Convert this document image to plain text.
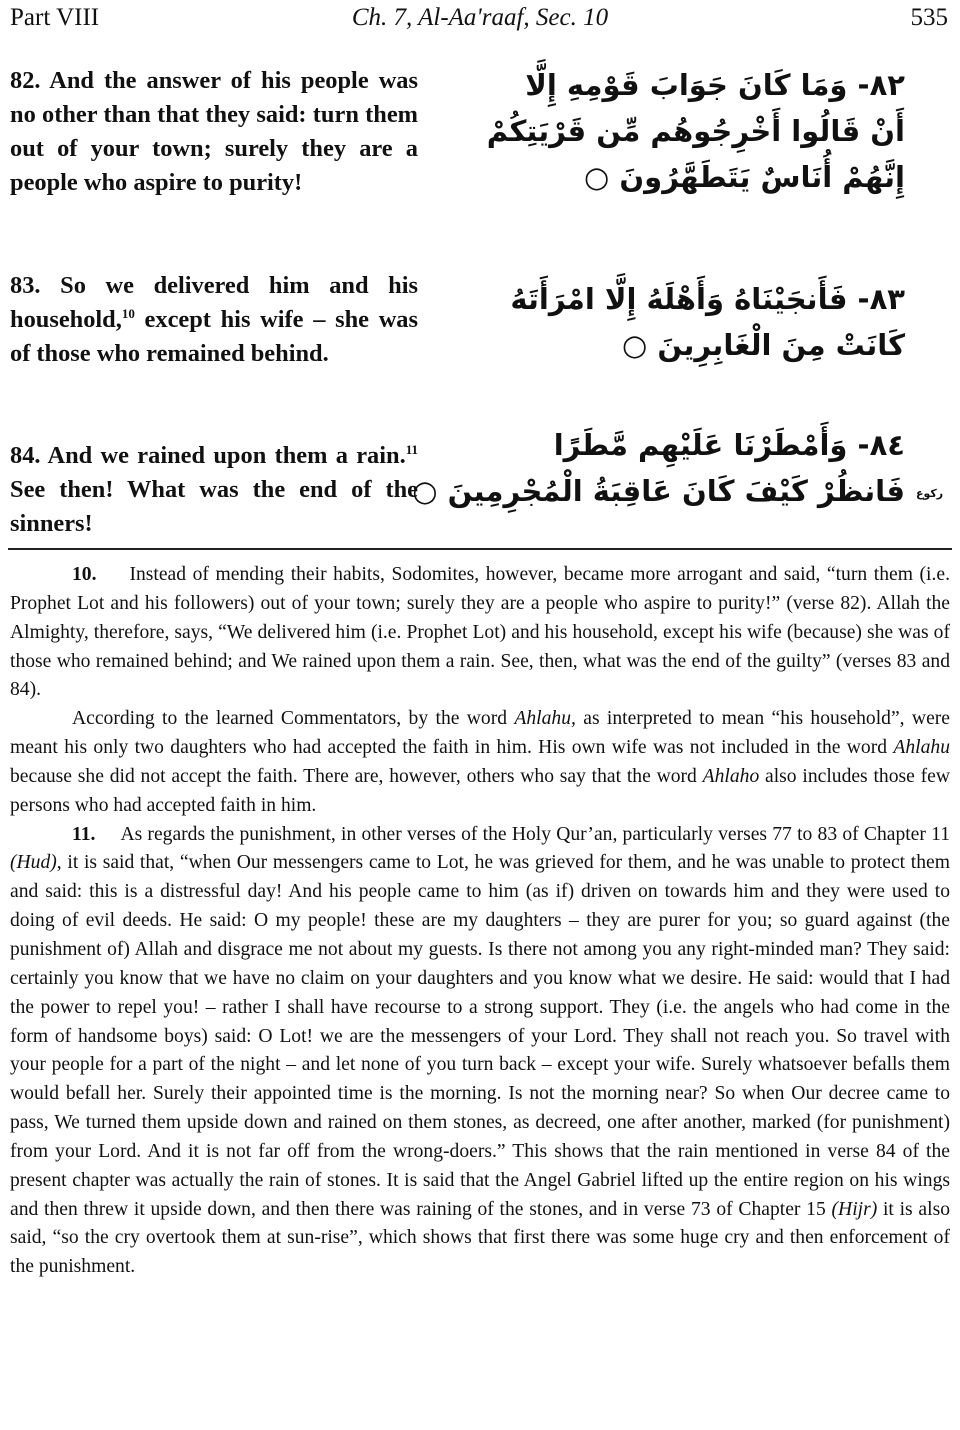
Part VIII	Ch. 7, Al-Aa'raaf, Sec. 10	535
82. And the answer of his people was no other than that they said: turn them out of your town; surely they are a people who aspire to purity!
٨٢- وَمَا كَانَ جَوَابَ قَوْمِهِ إِلَّا
أَنْ قَالُوا أَخْرِجُوهُم مِّن قَرْيَتِكُمْ
إِنَّهُمْ أُنَاسٌ يَتَطَهَّرُونَ ○
83. So we delivered him and his household,$^{10}$ except his wife – she was of those who remained behind.
٨٣- فَأَنجَيْنَاهُ وَأَهْلَهُ إِلَّا امْرَأَتَهُ
كَانَتْ مِنَ الْغَابِرِينَ ○
84. And we rained upon them a rain.$^{11}$ See then! What was the end of the sinners!
٨٤- وَأَمْطَرْنَا عَلَيْهِم مَّطَرًا
فَانظُرْ كَيْفَ كَانَ عَاقِبَةُ الْمُجْرِمِينَ ○ ركوع

10. Instead of mending their habits, Sodomites, however, became more arrogant and said, “turn them (i.e. Prophet Lot and his followers) out of your town; surely they are a people who aspire to purity!” (verse 82). Allah the Almighty, therefore, says, “We delivered him (i.e. Prophet Lot) and his household, except his wife (because) she was of those who remained behind; and We rained upon them a rain. See, then, what was the end of the guilty” (verses 83 and 84).

According to the learned Commentators, by the word Ahlahu, as interpreted to mean “his household”, were meant his only two daughters who had accepted the faith in him. His own wife was not included in the word Ahlahu because she did not accept the faith. There are, however, others who say that the word Ahlaho also includes those few persons who had accepted faith in him.

11. As regards the punishment, in other verses of the Holy Qur’an, particularly verses 77 to 83 of Chapter 11 (Hud), it is said that, “when Our messengers came to Lot, he was grieved for them, and he was unable to protect them and said: this is a distressful day! And his people came to him (as if) driven on towards him and they were used to doing of evil deeds. He said: O my people! these are my daughters – they are purer for you; so guard against (the punishment of) Allah and disgrace me not about my guests. Is there not among you any right-minded man? They said: certainly you know that we have no claim on your daughters and you know what we desire. He said: would that I had the power to repel you! – rather I shall have recourse to a strong support. They (i.e. the angels who had come in the form of handsome boys) said: O Lot! we are the messengers of your Lord. They shall not reach you. So travel with your people for a part of the night – and let none of you turn back – except your wife. Surely whatsoever befalls them would befall her. Surely their appointed time is the morning. Is not the morning near? So when Our decree came to pass, We turned them upside down and rained on them stones, as decreed, one after another, marked (for punishment) from your Lord. And it is not far off from the wrong-doers.” This shows that the rain mentioned in verse 84 of the present chapter was actually the rain of stones. It is said that the Angel Gabriel lifted up the entire region on his wings and then threw it upside down, and then there was raining of the stones, and in verse 73 of Chapter 15 (Hijr) it is also said, “so the cry overtook them at sun-rise”, which shows that first there was some huge cry and then enforcement of the punishment.
